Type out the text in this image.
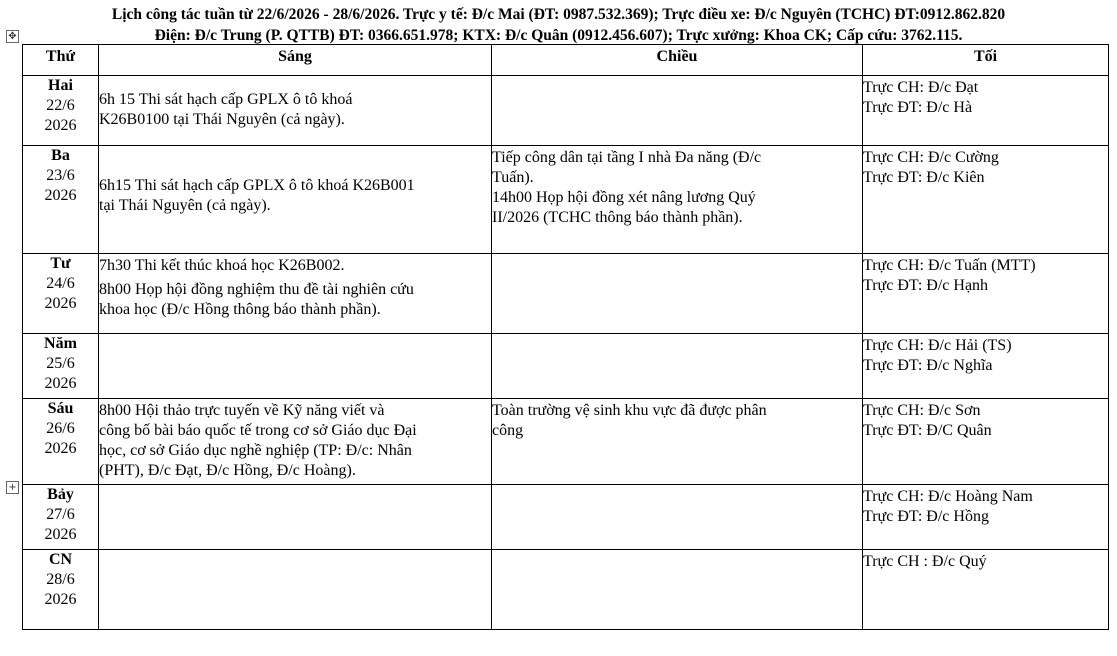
Lịch công tác tuần từ 22/6/2026 - 28/6/2026. Trực y tế: Đ/c Mai (ĐT: 0987.532.369); Trực điều xe: Đ/c Nguyên (TCHC) ĐT:0912.862.820
Điện: Đ/c Trung (P. QTTB) ĐT: 0366.651.978; KTX: Đ/c Quân (0912.456.607); Trực xưởng: Khoa CK; Cấp cứu: 3762.115.
✥
+
Thứ	Sáng	Chiều	Tối

Hai
22/6
2026	6h 15 Thi sát hạch cấp GPLX ô tô khoá
K26B0100 tại Thái Nguyên (cả ngày).		Trực CH: Đ/c Đạt
Trực ĐT: Đ/c Hà

Ba
23/6
2026	6h15 Thi sát hạch cấp GPLX ô tô khoá K26B001
tại Thái Nguyên (cả ngày).	Tiếp công dân tại tầng I nhà Đa năng (Đ/c
Tuấn).
14h00 Họp hội đồng xét nâng lương Quý
II/2026 (TCHC thông báo thành phần).	Trực CH: Đ/c Cường
Trực ĐT: Đ/c Kiên

Tư
24/6
2026	7h30 Thi kết thúc khoá học K26B002.
8h00 Họp hội đồng nghiệm thu đề tài nghiên cứu
khoa học (Đ/c Hồng thông báo thành phần).		Trực CH: Đ/c Tuấn (MTT)
Trực ĐT: Đ/c Hạnh

Năm
25/6
2026			Trực CH: Đ/c Hải (TS)
Trực ĐT: Đ/c Nghĩa

Sáu
26/6
2026	8h00 Hội thảo trực tuyến về Kỹ năng viết và
công bố bài báo quốc tế trong cơ sở Giáo dục Đại
học, cơ sở Giáo dục nghề nghiệp (TP: Đ/c: Nhân
(PHT), Đ/c Đạt, Đ/c Hồng, Đ/c Hoàng).	Toàn trường vệ sinh khu vực đã được phân
công	Trực CH: Đ/c Sơn
Trực ĐT: Đ/C Quân

Bảy
27/6
2026			Trực CH: Đ/c Hoàng Nam
Trực ĐT: Đ/c Hồng

CN
28/6
2026			Trực CH : Đ/c Quý
